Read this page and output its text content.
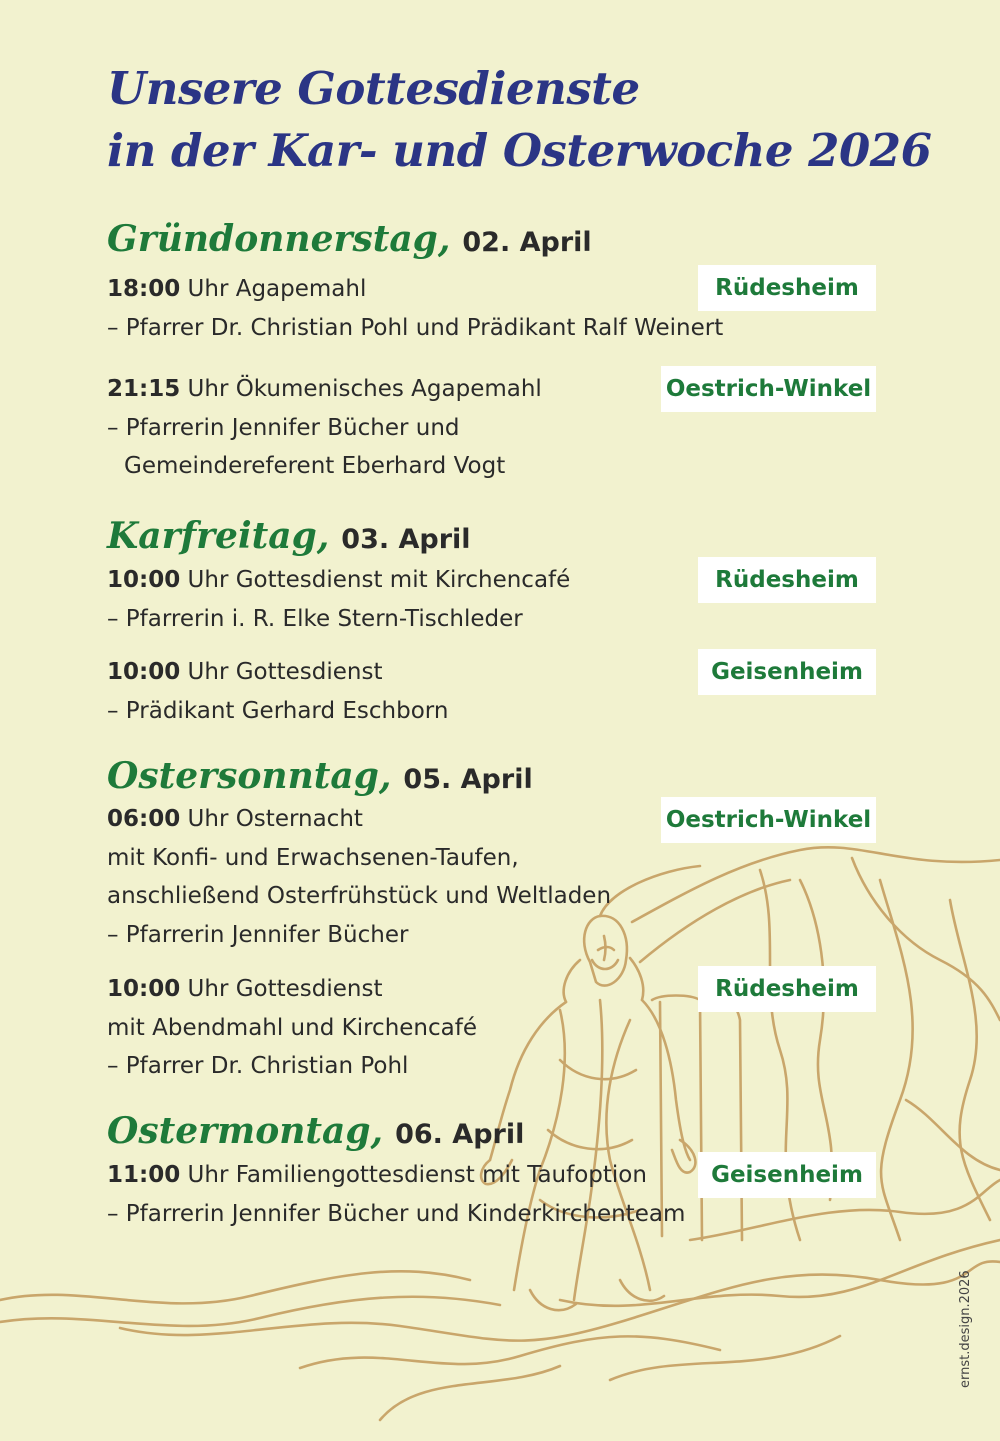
Unsere Gottesdienste
in der Kar- und Osterwoche 2026
Gründonnerstag, 02. April
18:00 Uhr Agapemahl
– Pfarrer Dr. Christian Pohl und Prädikant Ralf Weinert
Rüdesheim
21:15 Uhr Ökumenisches Agapemahl
– Pfarrerin Jennifer Bücher und
Gemeindereferent Eberhard Vogt
Oestrich-Winkel
Karfreitag, 03. April
10:00 Uhr Gottesdienst mit Kirchencafé
– Pfarrerin i. R. Elke Stern-Tischleder
Rüdesheim
10:00 Uhr Gottesdienst
– Prädikant Gerhard Eschborn
Geisenheim
Ostersonntag, 05. April
06:00 Uhr Osternacht
mit Konfi- und Erwachsenen-Taufen,
anschließend Osterfrühstück und Weltladen
– Pfarrerin Jennifer Bücher
Oestrich-Winkel
10:00 Uhr Gottesdienst
mit Abendmahl und Kirchencafé
– Pfarrer Dr. Christian Pohl
Rüdesheim
Ostermontag, 06. April
11:00 Uhr Familiengottesdienst mit Taufoption
– Pfarrerin Jennifer Bücher und Kinderkirchenteam
Geisenheim
ernst.design.2026
